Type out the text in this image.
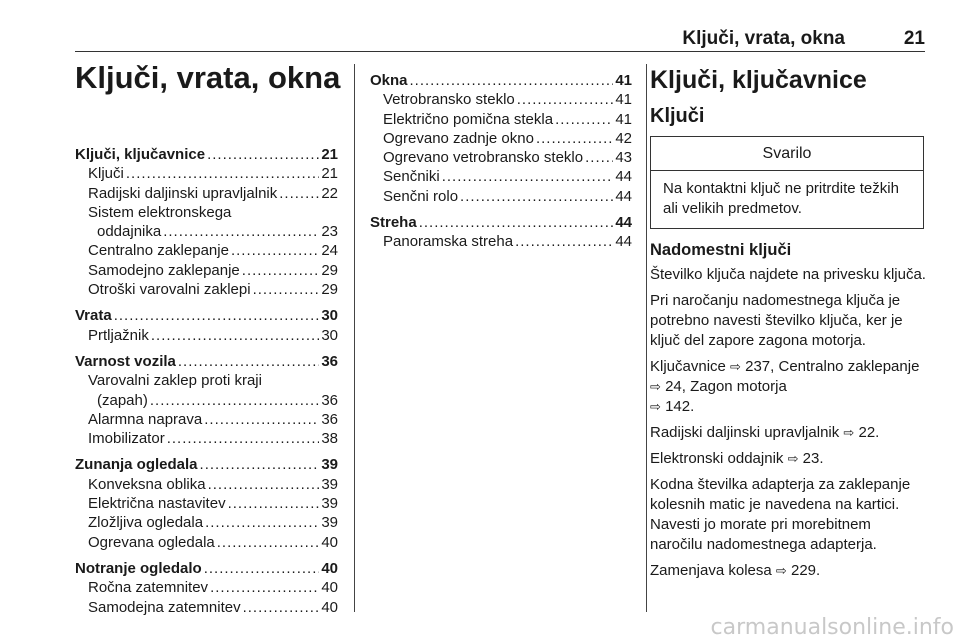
Ključi, vrata, okna	21
Ključi, vrata, okna
Ključi, ključavnice .....	21
Ključi .....	21
Radijski daljinski upravljalnik .....	22
Sistem elektronskega
oddajnika .....	23
Centralno zaklepanje .....	24
Samodejno zaklepanje .....	29
Otroški varovalni zaklepi .....	29
Vrata .....	30
Prtljažnik .....	30
Varnost vozila .....	36
Varovalni zaklep proti kraji
(zapah) .....	36
Alarmna naprava .....	36
Imobilizator .....	38
Zunanja ogledala .....	39
Konveksna oblika .....	39
Električna nastavitev .....	39
Zložljiva ogledala .....	39
Ogrevana ogledala .....	40
Notranje ogledalo .....	40
Ročna zatemnitev .....	40
Samodejna zatemnitev .....	40
Okna .....	41
Vetrobransko steklo .....	41
Električno pomična stekla .....	41
Ogrevano zadnje okno .....	42
Ogrevano vetrobransko steklo ..... 43
Senčniki .....	44
Senčni rolo .....	44
Streha .....	44
Panoramska streha .....	44
Ključi, ključavnice
Ključi
Svarilo
Na kontaktni ključ ne pritrdite težkih ali velikih predmetov.
Nadomestni ključi

Številko ključa najdete na privesku ključa.

Pri naročanju nadomestnega ključa je potrebno navesti številko ključa, ker je ključ del zapore zagona motorja.

Ključavnice ⇨ 237, Centralno zaklepanje ⇨ 24, Zagon motorja
⇨ 142.

Radijski daljinski upravljalnik ⇨ 22.

Elektronski oddajnik ⇨ 23.

Kodna številka adapterja za zaklepanje kolesnih matic je navedena na kartici. Navesti jo morate pri morebitnem naročilu nadomestnega adapterja.

Zamenjava kolesa ⇨ 229.

carmanualsonline.info
